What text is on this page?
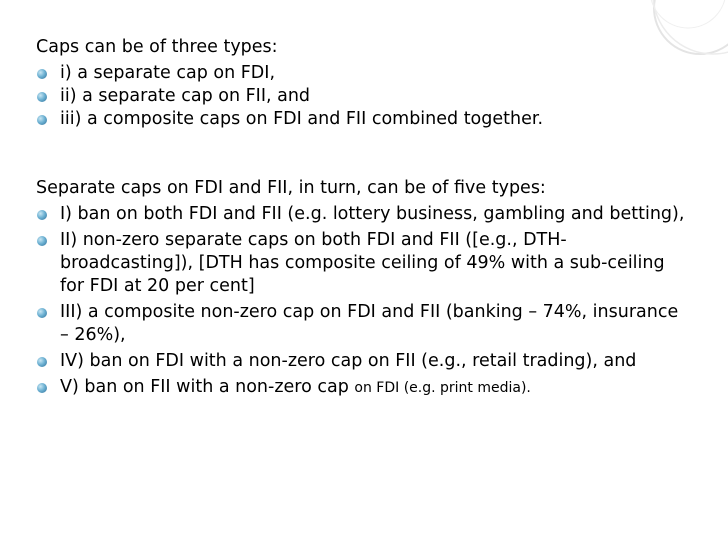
Caps can be of three types:

i) a separate cap on FDI,
ii) a separate cap on FII, and
iii) a composite caps on FDI and FII combined together.

Separate caps on FDI and FII, in turn, can be of five types:

I) ban on both FDI and FII (e.g. lottery business, gambling and betting),
II) non-zero separate caps on both FDI and FII ([e.g., DTH-broadcasting]), [DTH has composite ceiling of 49% with a sub-ceiling for FDI at 20 per cent]
III) a composite non-zero cap on FDI and FII (banking – 74%, insurance – 26%),
IV) ban on FDI with a non-zero cap on FII (e.g., retail trading), and
V) ban on FII with a non-zero cap on FDI (e.g. print media).
